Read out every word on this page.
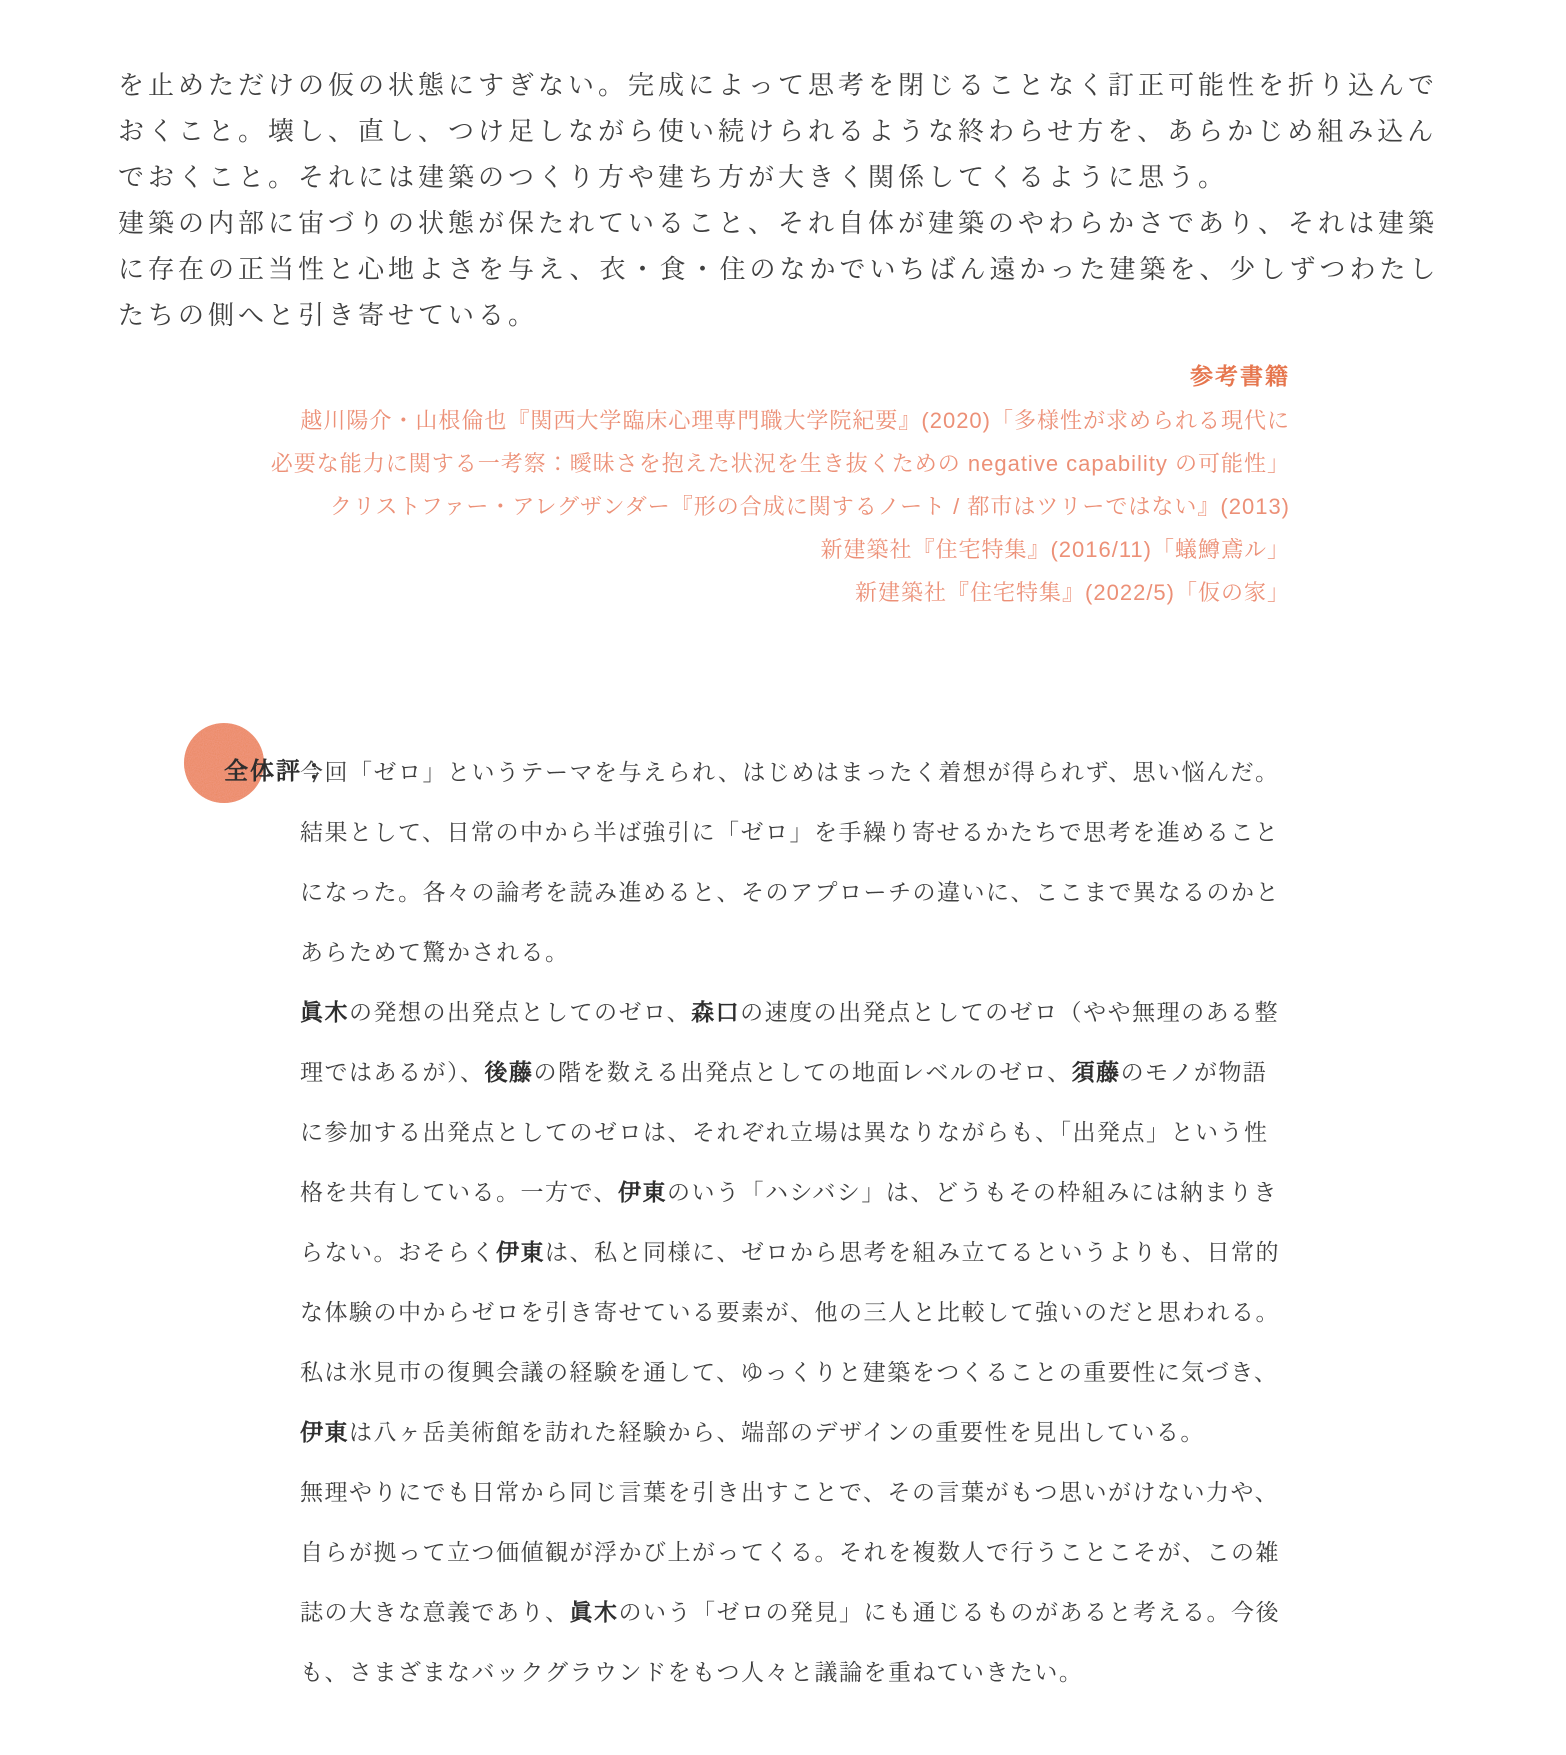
を止めただけの仮の状態にすぎない。完成によって思考を閉じることなく訂正可能性を折り込んでおくこと。壊し、直し、つけ足しながら使い続けられるような終わらせ方を、あらかじめ組み込んでおくこと。それには建築のつくり方や建ち方が大きく関係してくるように思う。

建築の内部に宙づりの状態が保たれていること、それ自体が建築のやわらかさであり、それは建築に存在の正当性と心地よさを与え、衣・食・住のなかでいちばん遠かった建築を、少しずつわたしたちの側へと引き寄せている。

参考書籍
越川陽介・山根倫也『関西大学臨床心理専門職大学院紀要』(2020)「多様性が求められる現代に
必要な能力に関する一考察：曖昧さを抱えた状況を生き抜くための negative capability の可能性」
クリストファー・アレグザンダー『形の合成に関するノート / 都市はツリーではない』(2013)
新建築社『住宅特集』(2016/11)「蟻鱒鳶ル」
新建築社『住宅特集』(2022/5)「仮の家」
全体評：

今回「ゼロ」というテーマを与えられ、はじめはまったく着想が得られず、思い悩んだ。結果として、日常の中から半ば強引に「ゼロ」を手繰り寄せるかたちで思考を進めることになった。各々の論考を読み進めると、そのアプローチの違いに、ここまで異なるのかとあらためて驚かされる。

眞木の発想の出発点としてのゼロ、森口の速度の出発点としてのゼロ（やや無理のある整理ではあるが）、後藤の階を数える出発点としての地面レベルのゼロ、須藤のモノが物語に参加する出発点としてのゼロは、それぞれ立場は異なりながらも、「出発点」という性格を共有している。一方で、伊東のいう「ハシバシ」は、どうもその枠組みには納まりきらない。おそらく伊東は、私と同様に、ゼロから思考を組み立てるというよりも、日常的な体験の中からゼロを引き寄せている要素が、他の三人と比較して強いのだと思われる。私は氷見市の復興会議の経験を通して、ゆっくりと建築をつくることの重要性に気づき、伊東は八ヶ岳美術館を訪れた経験から、端部のデザインの重要性を見出している。

無理やりにでも日常から同じ言葉を引き出すことで、その言葉がもつ思いがけない力や、自らが拠って立つ価値観が浮かび上がってくる。それを複数人で行うことこそが、この雑誌の大きな意義であり、眞木のいう「ゼロの発見」にも通じるものがあると考える。今後も、さまざまなバックグラウンドをもつ人々と議論を重ねていきたい。
